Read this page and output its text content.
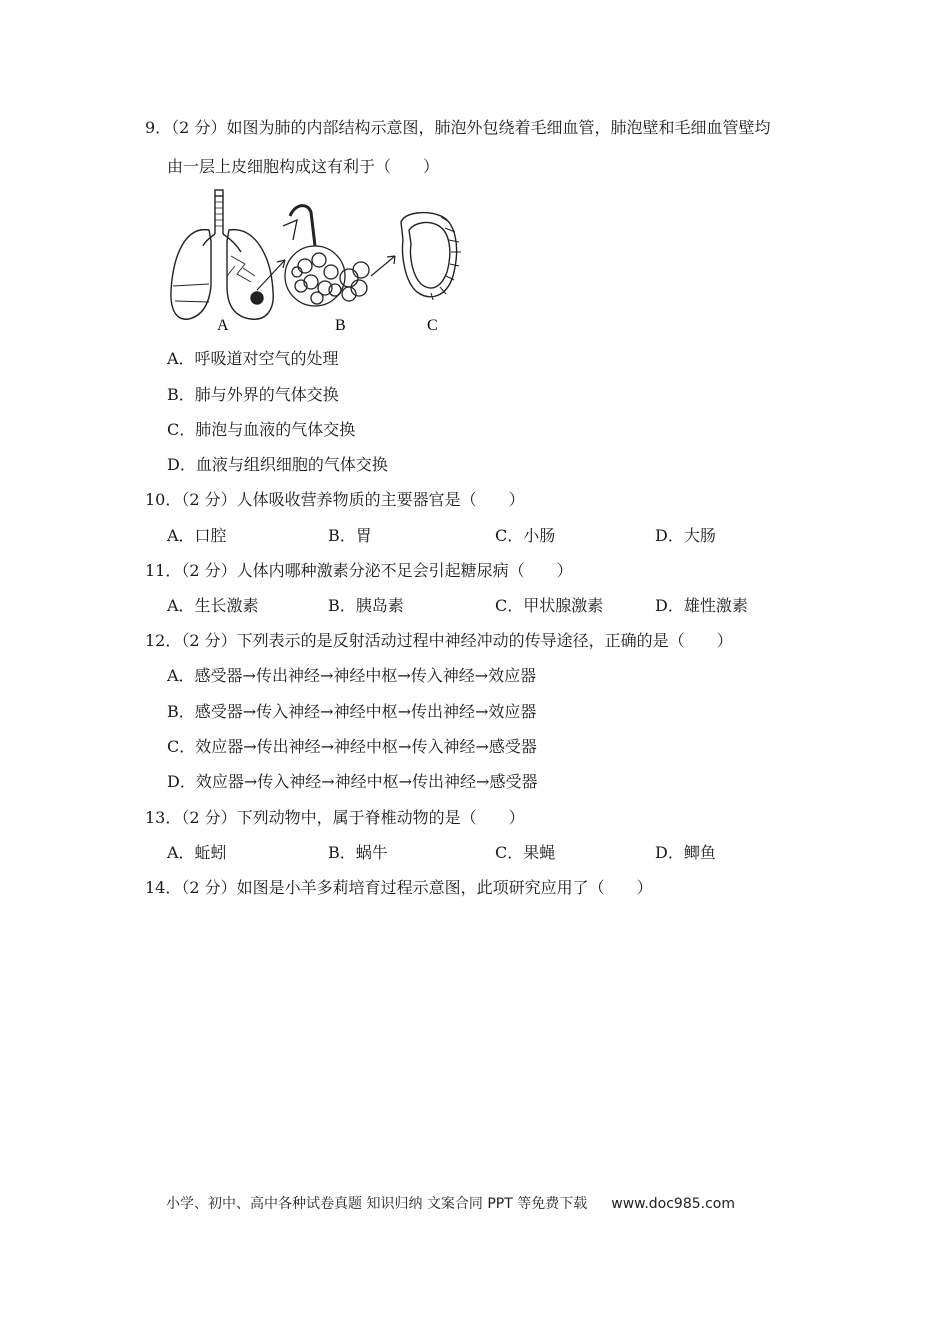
9．（2 分）如图为肺的内部结构示意图，肺泡外包绕着毛细血管，肺泡壁和毛细血管壁均
由一层上皮细胞构成这有利于（　　）
A	B	C
A．呼吸道对空气的处理
B．肺与外界的气体交换
C．肺泡与血液的气体交换
D．血液与组织细胞的气体交换
10．（2 分）人体吸收营养物质的主要器官是（　　）
A．口腔	B．胃	C．小肠	D．大肠
11．（2 分）人体内哪种激素分泌不足会引起糖尿病（　　）
A．生长激素	B．胰岛素	C．甲状腺激素	D．雄性激素
12．（2 分）下列表示的是反射活动过程中神经冲动的传导途径，正确的是（　　）
A．感受器→传出神经→神经中枢→传入神经→效应器
B．感受器→传入神经→神经中枢→传出神经→效应器
C．效应器→传出神经→神经中枢→传入神经→感受器
D．效应器→传入神经→神经中枢→传出神经→感受器
13．（2 分）下列动物中，属于脊椎动物的是（　　）
A．蚯蚓	B．蜗牛	C．果蝇	D．鲫鱼
14．（2 分）如图是小羊多莉培育过程示意图，此项研究应用了（　　）
小学、初中、高中各种试卷真题 知识归纳 文案合同 PPT 等免费下载 www.doc985.com
